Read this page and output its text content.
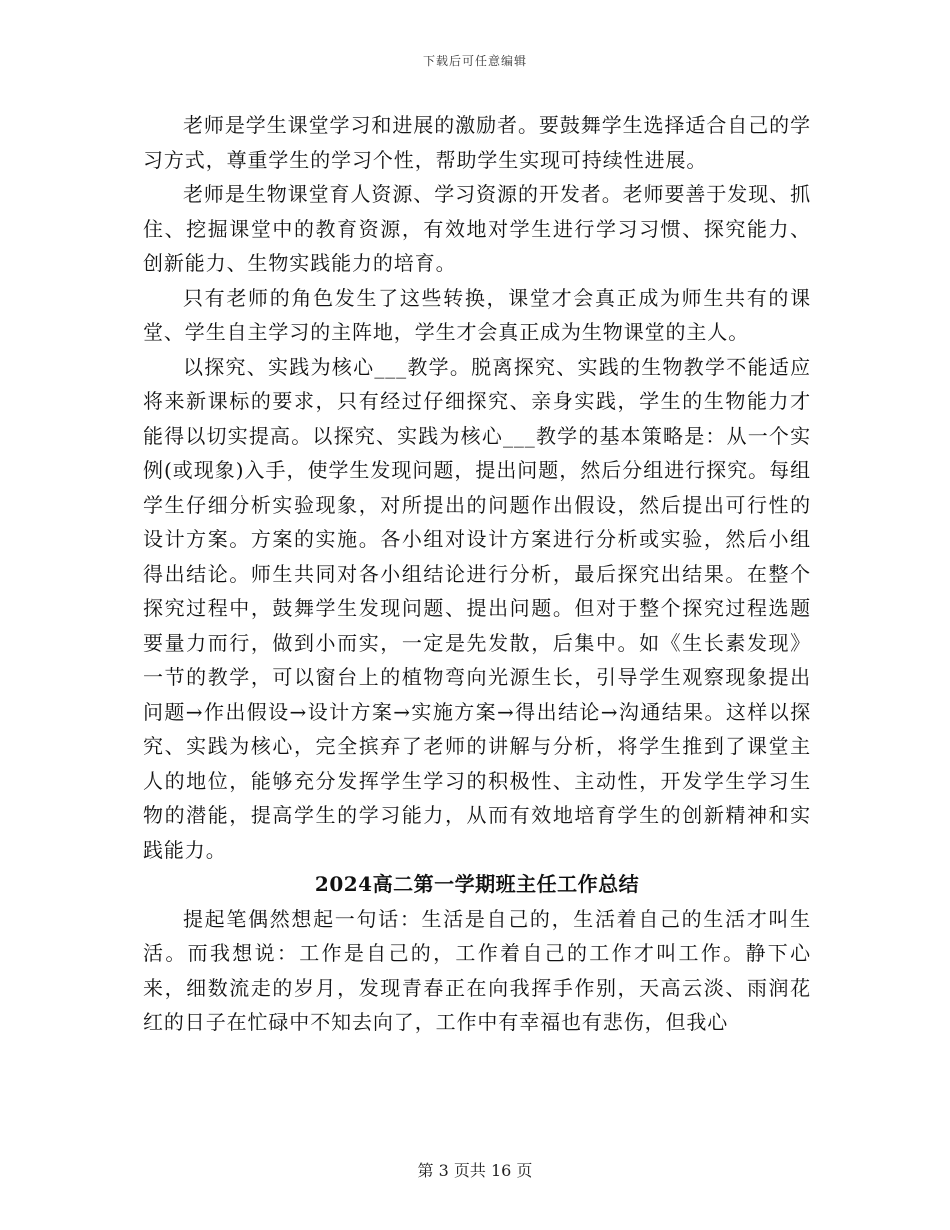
下载后可任意编辑

老师是学生课堂学习和进展的激励者。要鼓舞学生选择适合自己的学习方式，尊重学生的学习个性，帮助学生实现可持续性进展。

老师是生物课堂育人资源、学习资源的开发者。老师要善于发现、抓住、挖掘课堂中的教育资源，有效地对学生进行学习习惯、探究能力、创新能力、生物实践能力的培育。

只有老师的角色发生了这些转换，课堂才会真正成为师生共有的课堂、学生自主学习的主阵地，学生才会真正成为生物课堂的主人。

以探究、实践为核心___教学。脱离探究、实践的生物教学不能适应将来新课标的要求，只有经过仔细探究、亲身实践，学生的生物能力才能得以切实提高。以探究、实践为核心___教学的基本策略是：从一个实例(或现象)入手，使学生发现问题，提出问题，然后分组进行探究。每组学生仔细分析实验现象，对所提出的问题作出假设，然后提出可行性的设计方案。方案的实施。各小组对设计方案进行分析或实验，然后小组得出结论。师生共同对各小组结论进行分析，最后探究出结果。在整个探究过程中，鼓舞学生发现问题、提出问题。但对于整个探究过程选题要量力而行，做到小而实，一定是先发散，后集中。如《生长素发现》一节的教学，可以窗台上的植物弯向光源生长，引导学生观察现象提出问题→作出假设→设计方案→实施方案→得出结论→沟通结果。这样以探究、实践为核心，完全摈弃了老师的讲解与分析，将学生推到了课堂主人的地位，能够充分发挥学生学习的积极性、主动性，开发学生学习生物的潜能，提高学生的学习能力，从而有效地培育学生的创新精神和实践能力。

2024高二第一学期班主任工作总结

提起笔偶然想起一句话：生活是自己的，生活着自己的生活才叫生活。而我想说：工作是自己的，工作着自己的工作才叫工作。静下心来，细数流走的岁月，发现青春正在向我挥手作别，天高云淡、雨润花红的日子在忙碌中不知去向了，工作中有幸福也有悲伤，但我心

第 3 页共 16 页
